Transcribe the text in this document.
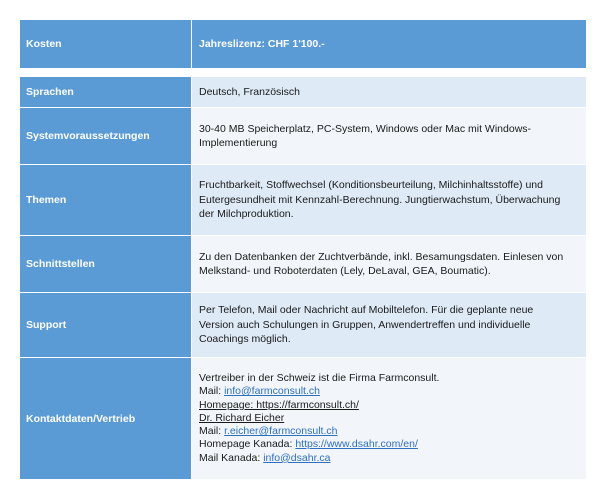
Kosten	Jahreslizenz: CHF 1'100.-
Sprachen	Deutsch, Französisch
Systemvoraussetzungen
30-40 MB Speicherplatz, PC-System, Windows oder Mac mit Windows-
Implementierung
Themen
Fruchtbarkeit, Stoffwechsel (Konditionsbeurteilung, Milchinhaltsstoffe) und
Eutergesundheit mit Kennzahl-Berechnung. Jungtierwachstum, Überwachung
der Milchproduktion.
Schnittstellen
Zu den Datenbanken der Zuchtverbände, inkl. Besamungsdaten. Einlesen von
Melkstand- und Roboterdaten (Lely, DeLaval, GEA, Boumatic).
Support
Per Telefon, Mail oder Nachricht auf Mobiltelefon. Für die geplante neue
Version auch Schulungen in Gruppen, Anwendertreffen und individuelle
Coachings möglich.
Kontaktdaten/Vertrieb
Vertreiber in der Schweiz ist die Firma Farmconsult.
Mail: info@farmconsult.ch
Homepage: https://farmconsult.ch/
Dr. Richard Eicher
Mail: r.eicher@farmconsult.ch
Homepage Kanada: https://www.dsahr.com/en/
Mail Kanada: info@dsahr.ca
